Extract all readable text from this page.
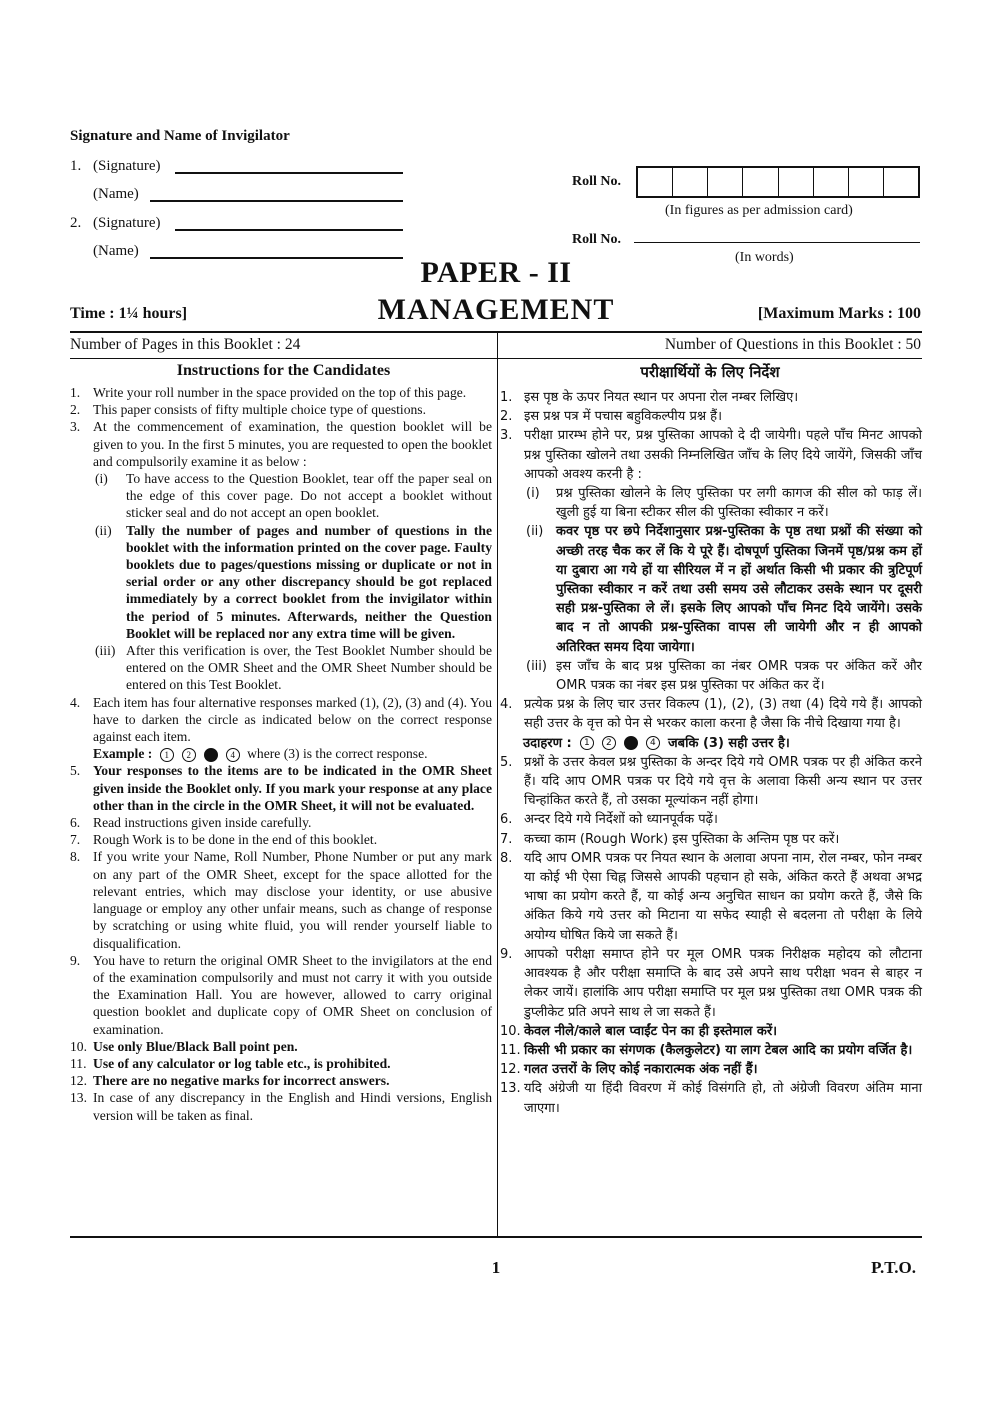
Signature and Name of Invigilator
1. (Signature)
(Name)
2. (Signature)
(Name)
Roll No.
(In figures as per admission card)
Roll No.
(In words)
PAPER - II
MANAGEMENT
Time : 1¼ hours]	[Maximum Marks : 100
Number of Pages in this Booklet : 24	Number of Questions in this Booklet : 50
Instructions for the Candidates
1. Write your roll number in the space provided on the top of this page.
2. This paper consists of fifty multiple choice type of questions.
3. At the commencement of examination, the question booklet will be given to you. In the first 5 minutes, you are requested to open the booklet and compulsorily examine it as below :
(i) To have access to the Question Booklet, tear off the paper seal on the edge of this cover page. Do not accept a booklet without sticker seal and do not accept an open booklet.
(ii) Tally the number of pages and number of questions in the booklet with the information printed on the cover page. Faulty booklets due to pages/questions missing or duplicate or not in serial order or any other discrepancy should be got replaced immediately by a correct booklet from the invigilator within the period of 5 minutes. Afterwards, neither the Question Booklet will be replaced nor any extra time will be given.
(iii) After this verification is over, the Test Booklet Number should be entered on the OMR Sheet and the OMR Sheet Number should be entered on this Test Booklet.
4. Each item has four alternative responses marked (1), (2), (3) and (4). You have to darken the circle as indicated below on the correct response against each item.
Example : 1 2	4 where (3) is the correct response.
5. Your responses to the items are to be indicated in the OMR Sheet given inside the Booklet only. If you mark your response at any place other than in the circle in the OMR Sheet, it will not be evaluated.
6. Read instructions given inside carefully.
7. Rough Work is to be done in the end of this booklet.
8. If you write your Name, Roll Number, Phone Number or put any mark on any part of the OMR Sheet, except for the space allotted for the relevant entries, which may disclose your identity, or use abusive language or employ any other unfair means, such as change of response by scratching or using white fluid, you will render yourself liable to disqualification.
9. You have to return the original OMR Sheet to the invigilators at the end of the examination compulsorily and must not carry it with you outside the Examination Hall. You are however, allowed to carry original question booklet and duplicate copy of OMR Sheet on conclusion of examination.
10. Use only Blue/Black Ball point pen.
11. Use of any calculator or log table etc., is prohibited.
12. There are no negative marks for incorrect answers.
13. In case of any discrepancy in the English and Hindi versions, English version will be taken as final.
परीक्षार्थियों के लिए निर्देश
1. इस पृष्ठ के ऊपर नियत स्थान पर अपना रोल नम्बर लिखिए।
2. इस प्रश्न पत्र में पचास बहुविकल्पीय प्रश्न हैं।
3. परीक्षा प्रारम्भ होने पर, प्रश्न पुस्तिका आपको दे दी जायेगी। पहले पाँच मिनट आपको प्रश्न पुस्तिका खोलने तथा उसकी निम्नलिखित जाँच के लिए दिये जायेंगे, जिसकी जाँच आपको अवश्य करनी है :
(i) प्रश्न पुस्तिका खोलने के लिए पुस्तिका पर लगी कागज की सील को फाड़ लें। खुली हुई या बिना स्टीकर सील की पुस्तिका स्वीकार न करें।
(ii) कवर पृष्ठ पर छपे निर्देशानुसार प्रश्न-पुस्तिका के पृष्ठ तथा प्रश्नों की संख्या को अच्छी तरह चैक कर लें कि ये पूरे हैं। दोषपूर्ण पुस्तिका जिनमें पृष्ठ/प्रश्न कम हों या दुबारा आ गये हों या सीरियल में न हों अर्थात किसी भी प्रकार की त्रुटिपूर्ण पुस्तिका स्वीकार न करें तथा उसी समय उसे लौटाकर उसके स्थान पर दूसरी सही प्रश्न-पुस्तिका ले लें। इसके लिए आपको पाँच मिनट दिये जायेंगे। उसके बाद न तो आपकी प्रश्न-पुस्तिका वापस ली जायेगी और न ही आपको अतिरिक्त समय दिया जायेगा।
(iii) इस जाँच के बाद प्रश्न पुस्तिका का नंबर OMR पत्रक पर अंकित करें और OMR पत्रक का नंबर इस प्रश्न पुस्तिका पर अंकित कर दें।
4. प्रत्येक प्रश्न के लिए चार उत्तर विकल्प (1), (2), (3) तथा (4) दिये गये हैं। आपको सही उत्तर के वृत्त को पेन से भरकर काला करना है जैसा कि नीचे दिखाया गया है।
उदाहरण : 1 2	4 जबकि (3) सही उत्तर है।
5. प्रश्नों के उत्तर केवल प्रश्न पुस्तिका के अन्दर दिये गये OMR पत्रक पर ही अंकित करने हैं। यदि आप OMR पत्रक पर दिये गये वृत्त के अलावा किसी अन्य स्थान पर उत्तर चिन्हांकित करते हैं, तो उसका मूल्यांकन नहीं होगा।
6. अन्दर दिये गये निर्देशों को ध्यानपूर्वक पढ़ें।
7. कच्चा काम (Rough Work) इस पुस्तिका के अन्तिम पृष्ठ पर करें।
8. यदि आप OMR पत्रक पर नियत स्थान के अलावा अपना नाम, रोल नम्बर, फोन नम्बर या कोई भी ऐसा चिह्न जिससे आपकी पहचान हो सके, अंकित करते हैं अथवा अभद्र भाषा का प्रयोग करते हैं, या कोई अन्य अनुचित साधन का प्रयोग करते हैं, जैसे कि अंकित किये गये उत्तर को मिटाना या सफेद स्याही से बदलना तो परीक्षा के लिये अयोग्य घोषित किये जा सकते हैं।
9. आपको परीक्षा समाप्त होने पर मूल OMR पत्रक निरीक्षक महोदय को लौटाना आवश्यक है और परीक्षा समाप्ति के बाद उसे अपने साथ परीक्षा भवन से बाहर न लेकर जायें। हालांकि आप परीक्षा समाप्ति पर मूल प्रश्न पुस्तिका तथा OMR पत्रक की डुप्लीकेट प्रति अपने साथ ले जा सकते हैं।
10. केवल नीले/काले बाल प्वाईंट पेन का ही इस्तेमाल करें।
11. किसी भी प्रकार का संगणक (कैलकुलेटर) या लाग टेबल आदि का प्रयोग वर्जित है।
12. गलत उत्तरों के लिए कोई नकारात्मक अंक नहीं हैं।
13. यदि अंग्रेजी या हिंदी विवरण में कोई विसंगति हो, तो अंग्रेजी विवरण अंतिम माना जाएगा।
1	P.T.O.
